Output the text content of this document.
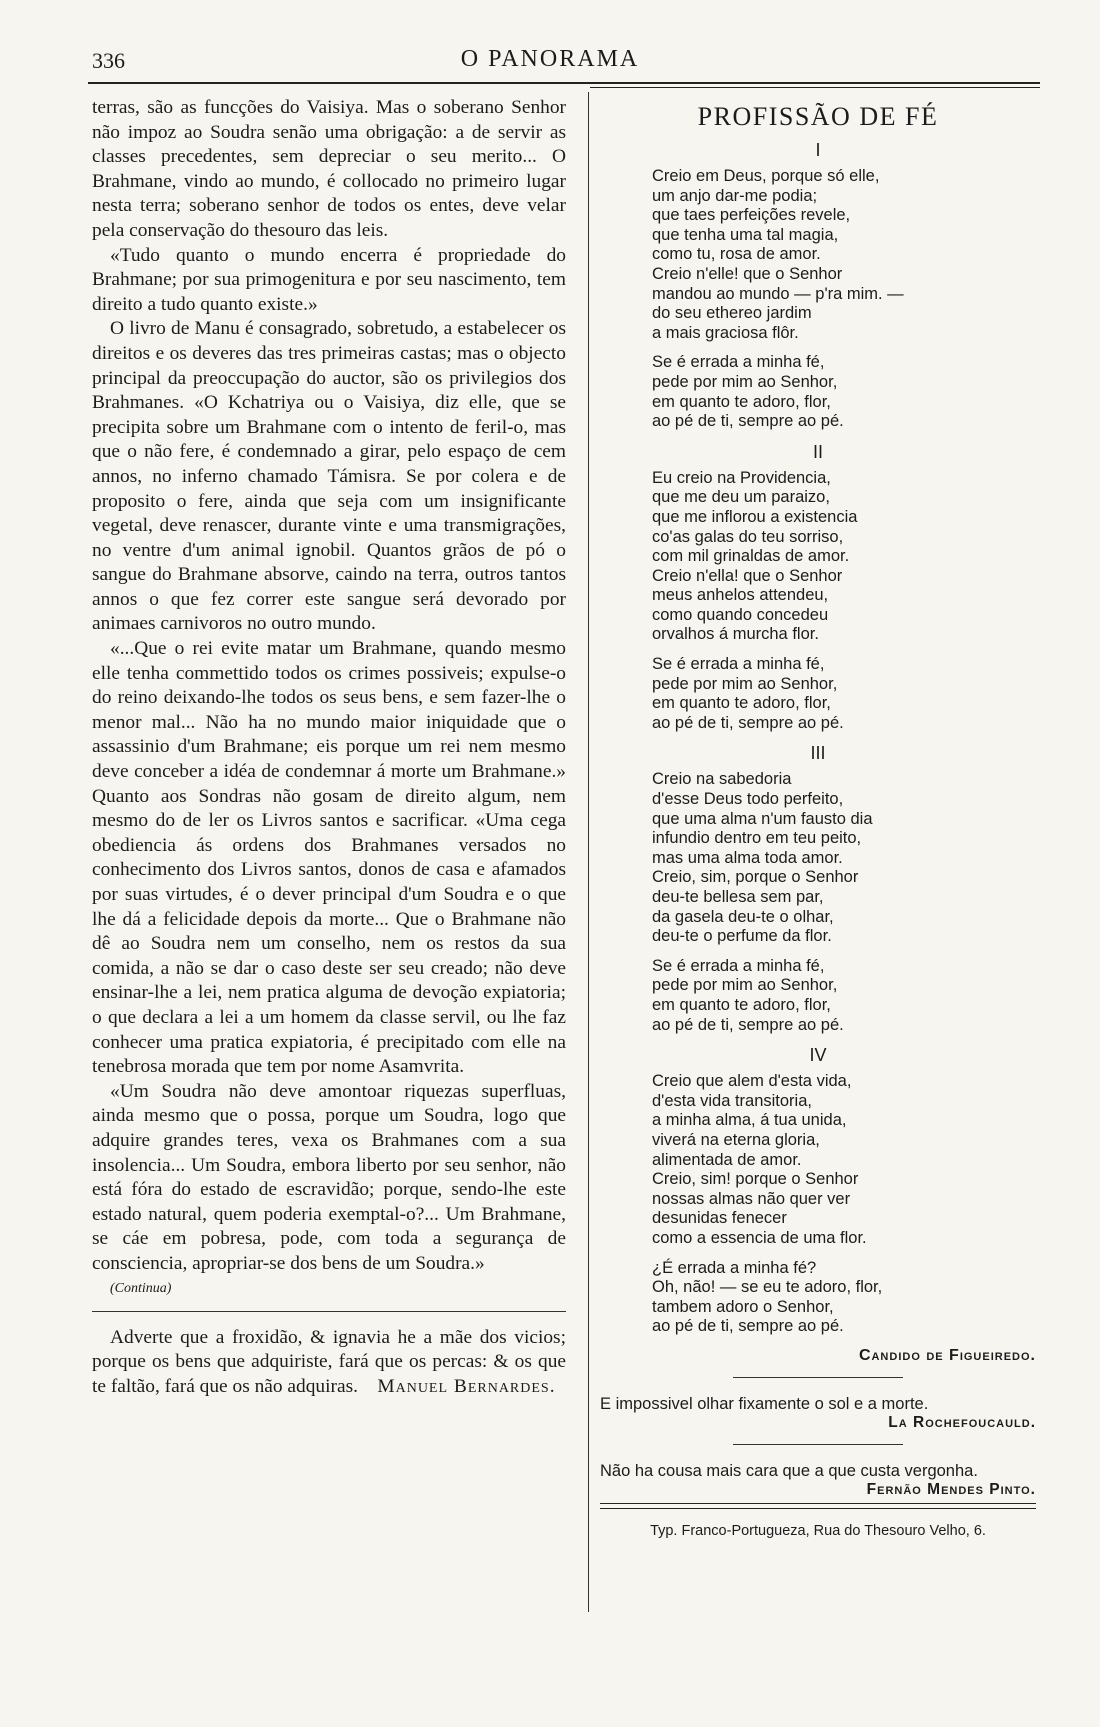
336	O PANORAMA

terras, são as funcções do Vaisiya. Mas o soberano Senhor não impoz ao Soudra senão uma obrigação: a de servir as classes precedentes, sem depreciar o seu merito... O Brahmane, vindo ao mundo, é collocado no primeiro lugar nesta terra; soberano senhor de todos os entes, deve velar pela conservação do thesouro das leis.

«Tudo quanto o mundo encerra é propriedade do Brahmane; por sua primogenitura e por seu nascimento, tem direito a tudo quanto existe.»

O livro de Manu é consagrado, sobretudo, a estabelecer os direitos e os deveres das tres primeiras castas; mas o objecto principal da preoccupação do auctor, são os privilegios dos Brahmanes. «O Kchatriya ou o Vaisiya, diz elle, que se precipita sobre um Brahmane com o intento de feril-o, mas que o não fere, é condemnado a girar, pelo espaço de cem annos, no inferno chamado Támisra. Se por colera e de proposito o fere, ainda que seja com um insignificante vegetal, deve renascer, durante vinte e uma transmigrações, no ventre d'um animal ignobil. Quantos grãos de pó o sangue do Brahmane absorve, caindo na terra, outros tantos annos o que fez correr este sangue será devorado por animaes carnivoros no outro mundo.

«...Que o rei evite matar um Brahmane, quando mesmo elle tenha commettido todos os crimes possiveis; expulse-o do reino deixando-lhe todos os seus bens, e sem fazer-lhe o menor mal... Não ha no mundo maior iniquidade que o assassinio d'um Brahmane; eis porque um rei nem mesmo deve conceber a idéa de condemnar á morte um Brahmane.» Quanto aos Sondras não gosam de direito algum, nem mesmo do de ler os Livros santos e sacrificar. «Uma cega obediencia ás ordens dos Brahmanes versados no conhecimento dos Livros santos, donos de casa e afamados por suas virtudes, é o dever principal d'um Soudra e o que lhe dá a felicidade depois da morte... Que o Brahmane não dê ao Soudra nem um conselho, nem os restos da sua comida, a não se dar o caso deste ser seu creado; não deve ensinar-lhe a lei, nem pratica alguma de devoção expiatoria; o que declara a lei a um homem da classe servil, ou lhe faz conhecer uma pratica expiatoria, é precipitado com elle na tenebrosa morada que tem por nome Asamvrita.

«Um Soudra não deve amontoar riquezas superfluas, ainda mesmo que o possa, porque um Soudra, logo que adquire grandes teres, vexa os Brahmanes com a sua insolencia... Um Soudra, embora liberto por seu senhor, não está fóra do estado de escravidão; porque, sendo-lhe este estado natural, quem poderia exemptal-o?... Um Brahmane, se cáe em pobresa, pode, com toda a segurança de consciencia, apropriar-se dos bens de um Soudra.»

(Continua)

Adverte que a froxidão, & ignavia he a mãe dos vicios; porque os bens que adquiriste, fará que os percas: & os que te faltão, fará que os não adquiras. Manuel Bernardes.

PROFISSÃO DE FÉ
I
Creio em Deus, porque só elle,
um anjo dar-me podia;
que taes perfeições revele,
que tenha uma tal magia,
como tu, rosa de amor.
Creio n'elle! que o Senhor
mandou ao mundo — p'ra mim. —
do seu ethereo jardim
a mais graciosa flôr.
Se é errada a minha fé,
pede por mim ao Senhor,
em quanto te adoro, flor,
ao pé de ti, sempre ao pé.
II
Eu creio na Providencia,
que me deu um paraizo,
que me inflorou a existencia
co'as galas do teu sorriso,
com mil grinaldas de amor.
Creio n'ella! que o Senhor
meus anhelos attendeu,
como quando concedeu
orvalhos á murcha flor.
Se é errada a minha fé,
pede por mim ao Senhor,
em quanto te adoro, flor,
ao pé de ti, sempre ao pé.
III
Creio na sabedoria
d'esse Deus todo perfeito,
que uma alma n'um fausto dia
infundio dentro em teu peito,
mas uma alma toda amor.
Creio, sim, porque o Senhor
deu-te bellesa sem par,
da gasela deu-te o olhar,
deu-te o perfume da flor.
Se é errada a minha fé,
pede por mim ao Senhor,
em quanto te adoro, flor,
ao pé de ti, sempre ao pé.
IV
Creio que alem d'esta vida,
d'esta vida transitoria,
a minha alma, á tua unida,
viverá na eterna gloria,
alimentada de amor.
Creio, sim! porque o Senhor
nossas almas não quer ver
desunidas fenecer
como a essencia de uma flor.
¿É errada a minha fé?
Oh, não! — se eu te adoro, flor,
tambem adoro o Senhor,
ao pé de ti, sempre ao pé.
Candido de Figueiredo.

E impossivel olhar fixamente o sol e a morte.

La Rochefoucauld.

Não ha cousa mais cara que a que custa vergonha.

Fernão Mendes Pinto.
Typ. Franco-Portugueza, Rua do Thesouro Velho, 6.
